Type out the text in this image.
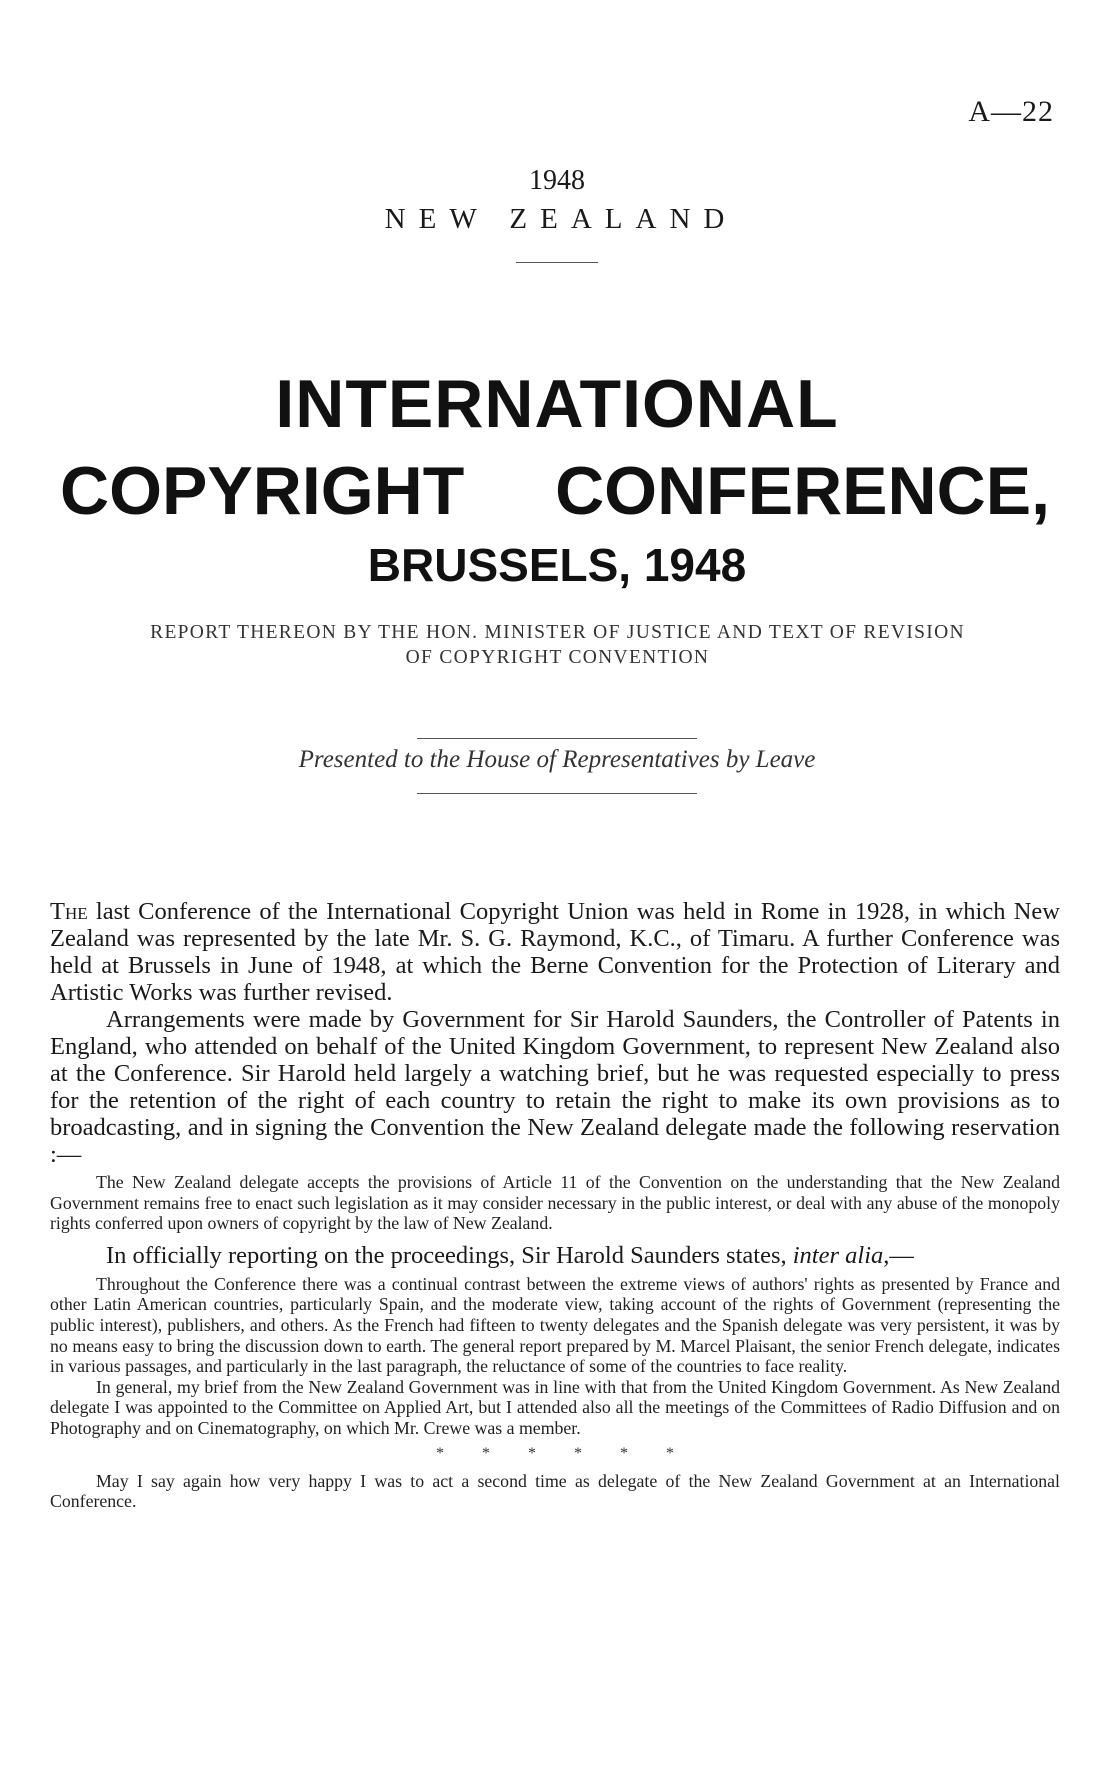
A—22
1948
NEW ZEALAND
INTERNATIONAL
COPYRIGHT CONFERENCE,
BRUSSELS, 1948
REPORT THEREON BY THE HON. MINISTER OF JUSTICE AND TEXT OF REVISION
OF COPYRIGHT CONVENTION
Presented to the House of Representatives by Leave

The last Conference of the International Copyright Union was held in Rome in 1928, in which New Zealand was represented by the late Mr. S. G. Raymond, K.C., of Timaru. A further Conference was held at Brussels in June of 1948, at which the Berne Convention for the Protection of Literary and Artistic Works was further revised.

Arrangements were made by Government for Sir Harold Saunders, the Controller of Patents in England, who attended on behalf of the United Kingdom Government, to represent New Zealand also at the Conference. Sir Harold held largely a watching brief, but he was requested especially to press for the retention of the right of each country to retain the right to make its own provisions as to broadcasting, and in signing the Convention the New Zealand delegate made the following reservation :—

The New Zealand delegate accepts the provisions of Article 11 of the Convention on the understanding that the New Zealand Government remains free to enact such legislation as it may consider necessary in the public interest, or deal with any abuse of the monopoly rights conferred upon owners of copyright by the law of New Zealand.

In officially reporting on the proceedings, Sir Harold Saunders states, inter alia,—

Throughout the Conference there was a continual contrast between the extreme views of authors' rights as presented by France and other Latin American countries, particularly Spain, and the moderate view, taking account of the rights of Government (representing the public interest), publishers, and others. As the French had fifteen to twenty delegates and the Spanish delegate was very persistent, it was by no means easy to bring the discussion down to earth. The general report prepared by M. Marcel Plaisant, the senior French delegate, indicates in various passages, and particularly in the last paragraph, the reluctance of some of the countries to face reality.

In general, my brief from the New Zealand Government was in line with that from the United Kingdom Government. As New Zealand delegate I was appointed to the Committee on Applied Art, but I attended also all the meetings of the Committees of Radio Diffusion and on Photography and on Cinematography, on which Mr. Crewe was a member.

* * * * * *

May I say again how very happy I was to act a second time as delegate of the New Zealand Government at an International Conference.
